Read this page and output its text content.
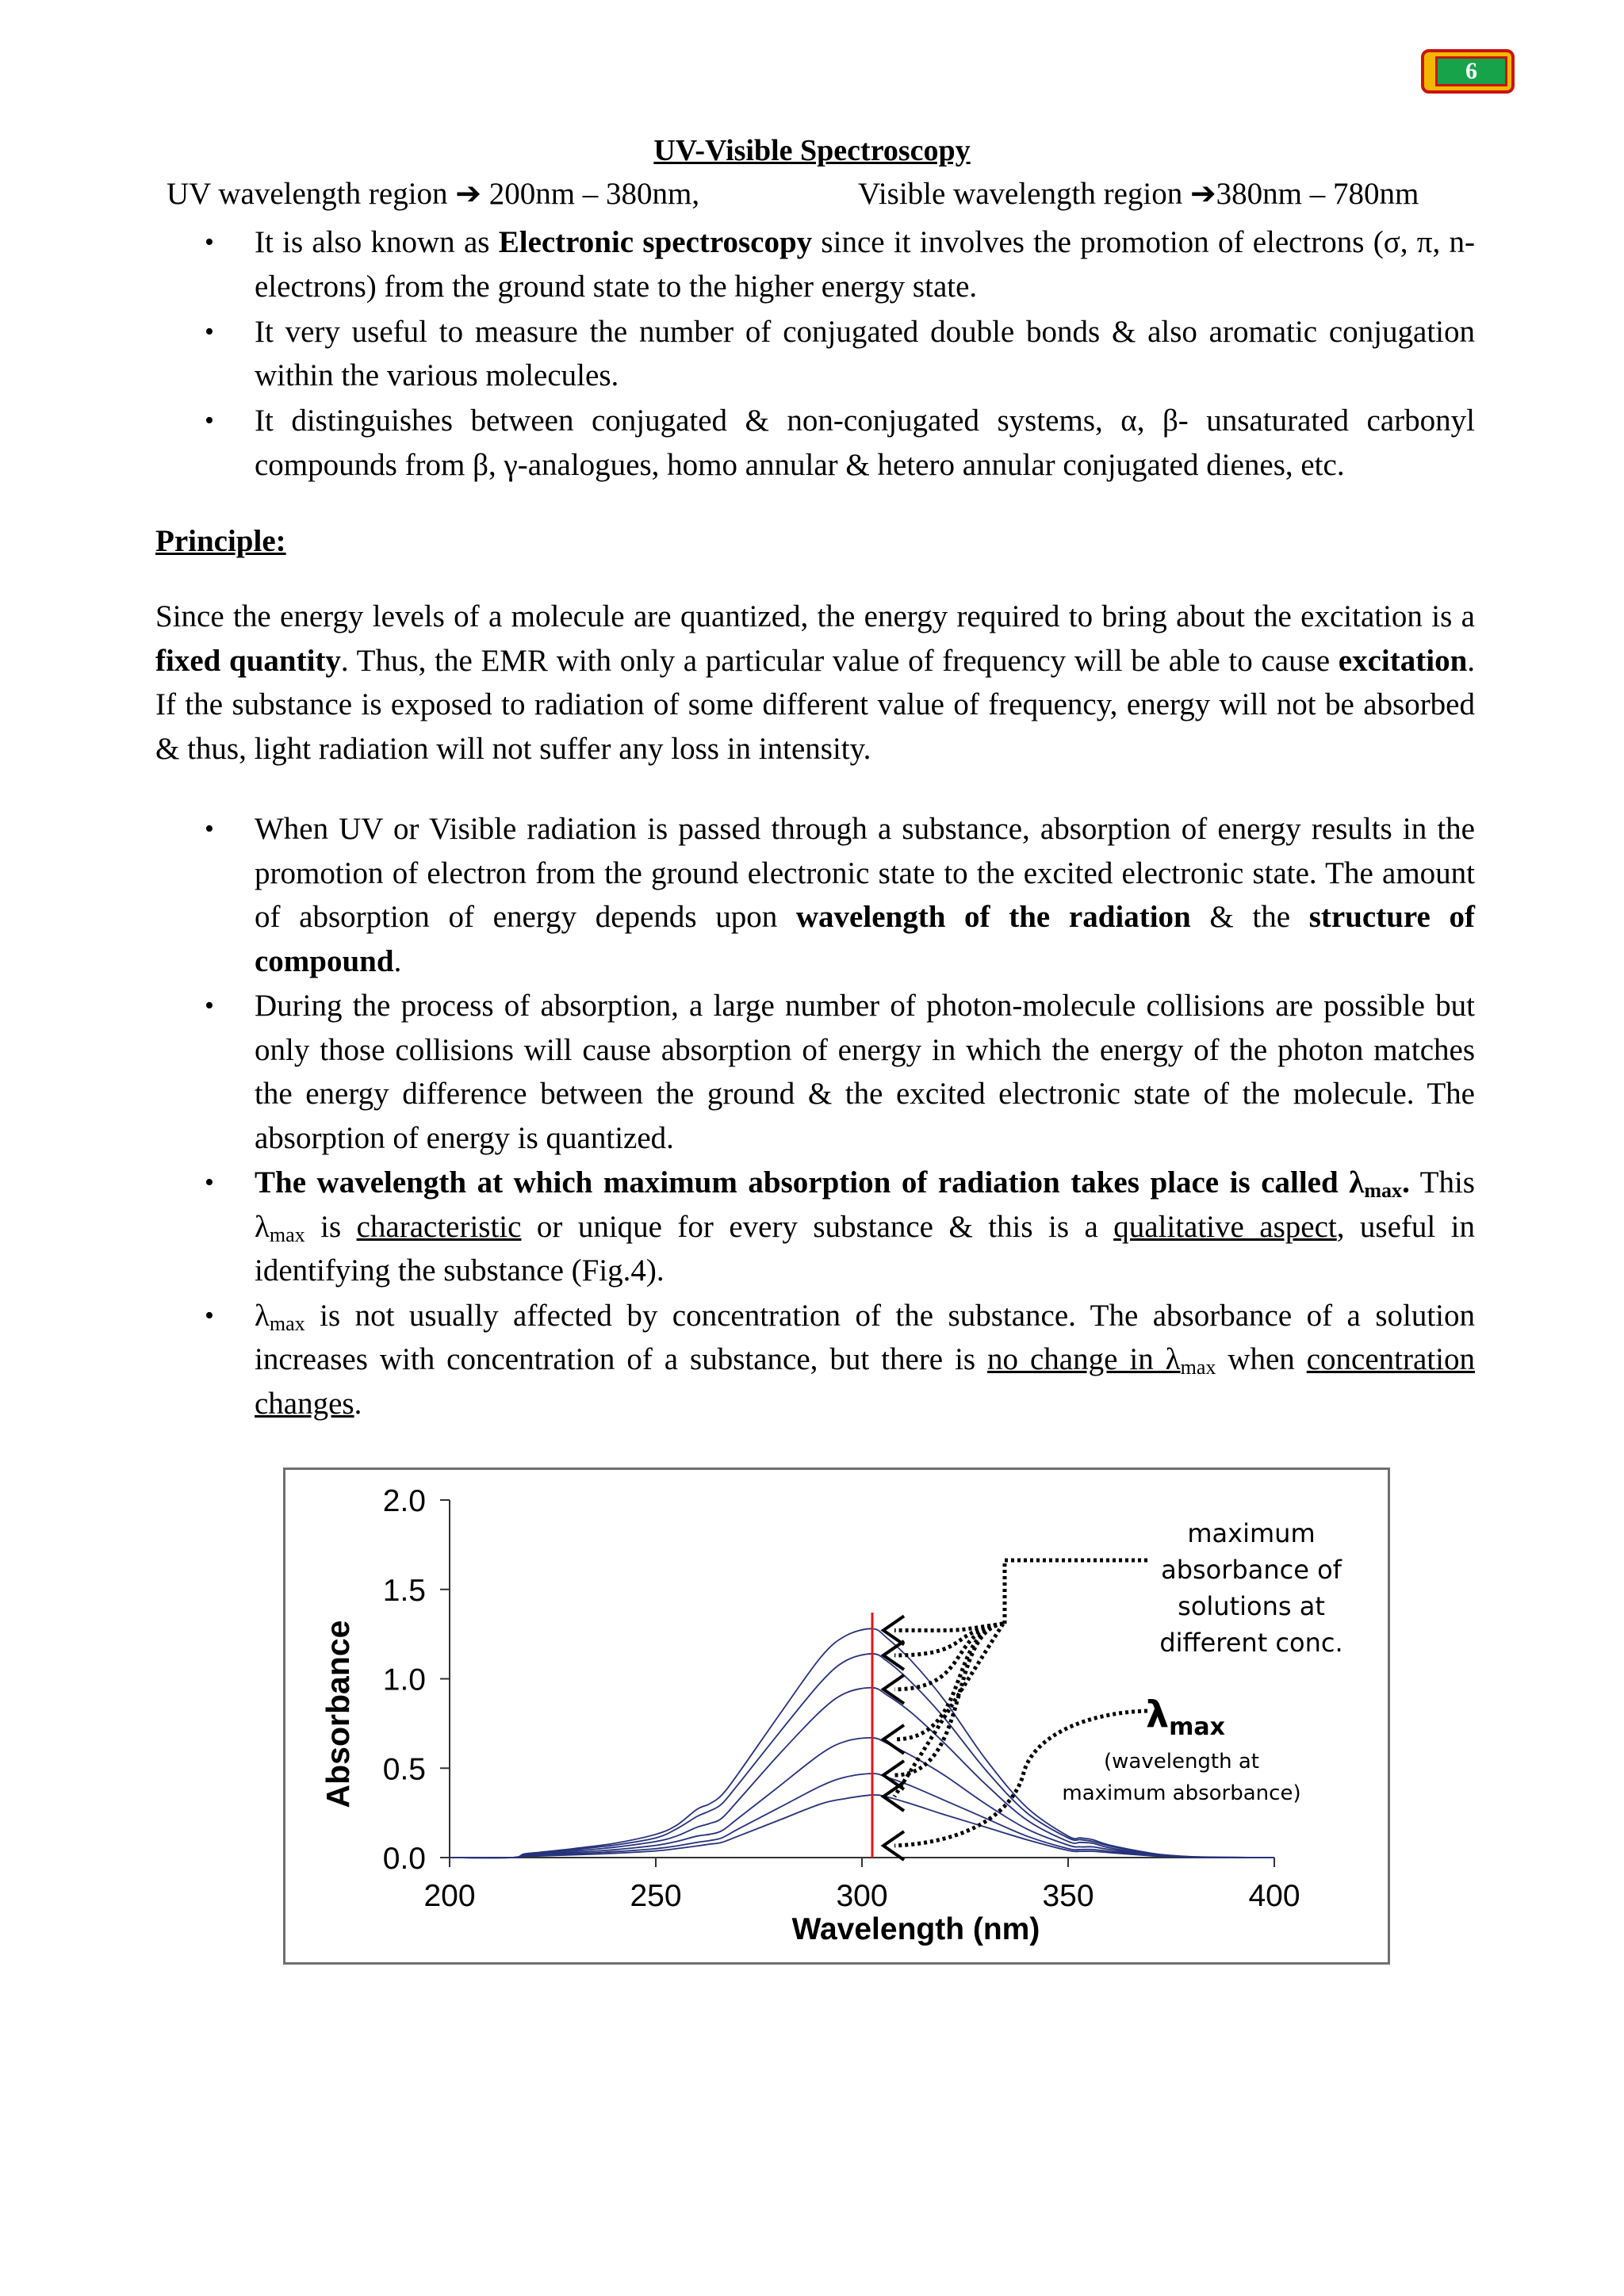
6
UV-Visible Spectroscopy
UV wavelength region ➔ 200nm – 380nm,	Visible wavelength region ➔380nm – 780nm
• It is also known as Electronic spectroscopy since it involves the promotion of electrons (σ, π, n- electrons) from the ground state to the higher energy state.
• It very useful to measure the number of conjugated double bonds & also aromatic conjugation within the various molecules.
• It distinguishes between conjugated & non-conjugated systems, α, β- unsaturated carbonyl compounds from β, γ-analogues, homo annular & hetero annular conjugated dienes, etc.
Principle:
Since the energy levels of a molecule are quantized, the energy required to bring about the excitation is a fixed quantity. Thus, the EMR with only a particular value of frequency will be able to cause excitation. If the substance is exposed to radiation of some different value of frequency, energy will not be absorbed & thus, light radiation will not suffer any loss in intensity.
• When UV or Visible radiation is passed through a substance, absorption of energy results in the promotion of electron from the ground electronic state to the excited electronic state. The amount of absorption of energy depends upon wavelength of the radiation & the structure of compound.
• During the process of absorption, a large number of photon-molecule collisions are possible but only those collisions will cause absorption of energy in which the energy of the photon matches the energy difference between the ground & the excited electronic state of the molecule. The absorption of energy is quantized.
• The wavelength at which maximum absorption of radiation takes place is called $\lambda_{max}$. This $\lambda_{max}$ is characteristic or unique for every substance & this is a qualitative aspect, useful in identifying the substance (Fig.4).
• $\lambda_{max}$ is not usually affected by concentration of the substance. The absorbance of a solution increases with concentration of a substance, but there is no change in $\lambda_{max}$ when concentration changes.
0.0
0.5
1.0
1.5
2.0
200	250	300	350	400
Absorbance
Wavelength (nm)
maximum
absorbance of
solutions at
different conc.
$\lambda_{max}$
(wavelength at
maximum absorbance)
